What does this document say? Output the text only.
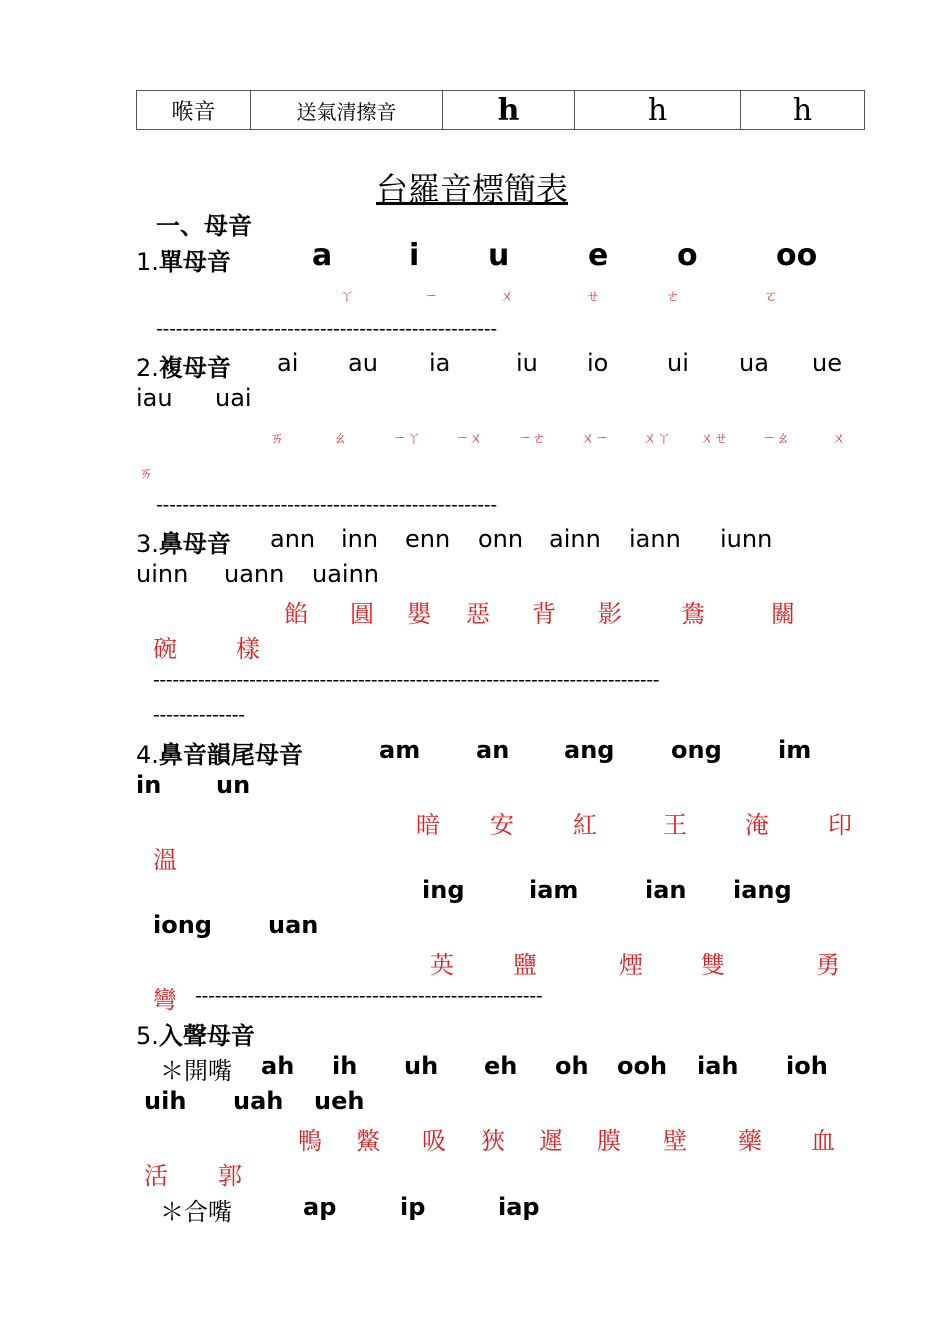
喉音	送氣清擦音	h	h	h
台羅音標簡表
一、母音
1.單母音	a	i u	e o	oo
ㄚ	ㄧ	ㄨ	ㄝ	ㄜ	ㄛ
----------------------------------------------------
2.複母音 ai au ia	iu io ui ua ue
iau uai
ㄞ	ㄠ	ㄧㄚ ㄧㄨ	ㄧㄜ	ㄨㄧ ㄨㄚ ㄨㄝ ㄧㄠ	ㄨ
ㄞ
----------------------------------------------------
3.鼻母音 ann inn enn onn ainn iann iunn
uinn uann uainn
餡 圓 嬰 惡 背 影 鴦	關
碗 樣
-------------------------------------------------------------------------------
--------------
4.鼻音韻尾母音	am an ang ong im
in un
暗 安 紅	王 淹 印
溫
ing	iam	ian iang
iong uan
英 鹽	煙 雙	勇
彎 -----------------------------------------------------
5.入聲母音
＊開嘴 ah ih uh eh oh ooh iah ioh
uih uah ueh
鴨 鱉 吸 狹 遲 膜 壁 藥 血
活 郭
＊合嘴	ap	ip	iap
